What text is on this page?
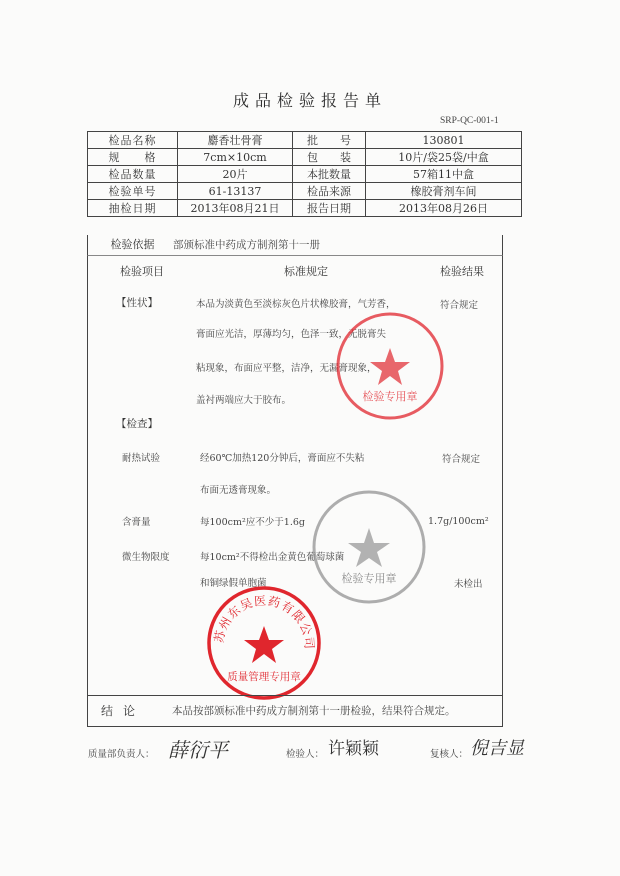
成品检验报告单
SRP-QC-001-1
检品名称	麝香壮骨膏	批　　号	130801
规　　格	7cm×10cm	包　　装	10片/袋25袋/中盒
检品数量	20片	本批数量	57箱11中盒
检验单号	61-13137	检品来源	橡胶膏剂车间
抽检日期	2013年08月21日	报告日期	2013年08月26日
检验依据	部颁标准中药成方制剂第十一册
检验项目	标准规定	检验结果
【性状】	本品为淡黄色至淡棕灰色片状橡胶膏，气芳香，
膏面应光洁，厚薄均匀，色泽一致，无脱膏失
粘现象，布面应平整，洁净，无漏膏现象，
盖衬两端应大于胶布。
符合规定
【检查】
耐热试验	经60℃加热120分钟后，膏面应不失粘
布面无透膏现象。
符合规定
含膏量	每100cm²应不少于1.6g	1.7g/100cm²
微生物限度	每10cm²不得检出金黄色葡萄球菌
和铜绿假单胞菌	未检出
检验专用章
检验专用章
苏州东吴医药有限公司
质量管理专用章
结论	本品按部颁标准中药成方制剂第十一册检验，结果符合规定。
质量部负责人： 薛衍平	检验人： 许颖颖	复核人： 倪吉显
